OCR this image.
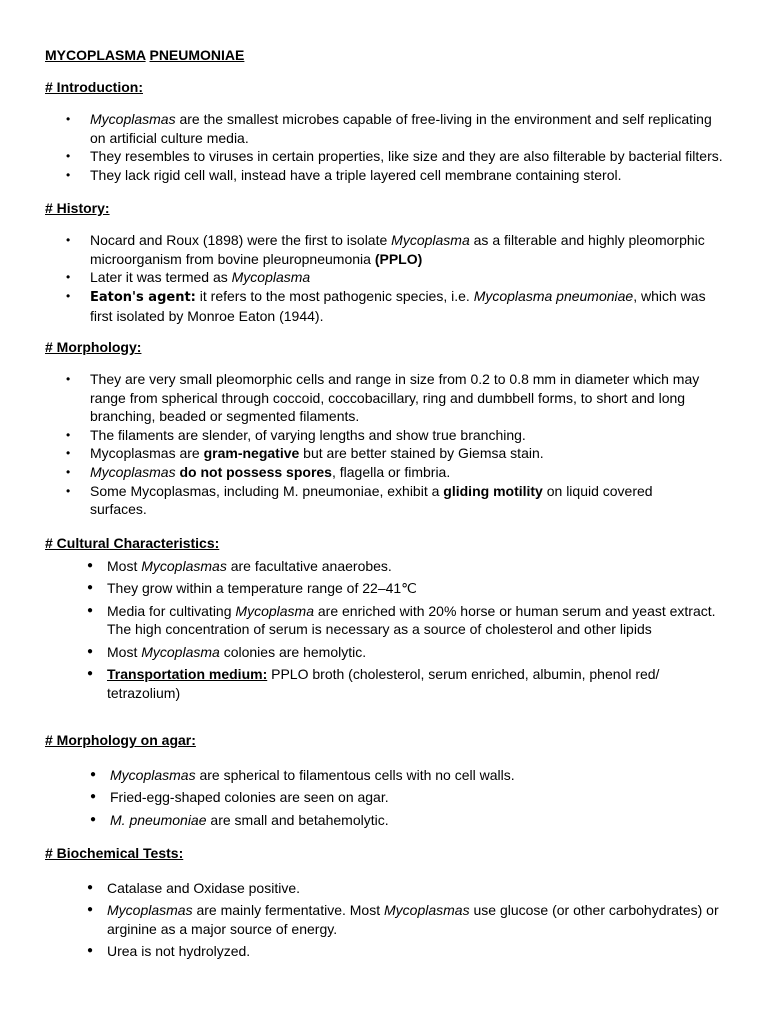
MYCOPLASMA PNEUMONIAE
# Introduction:
• Mycoplasmas are the smallest microbes capable of free-living in the environment and self replicating on artificial culture media.
• They resembles to viruses in certain properties, like size and they are also filterable by bacterial filters.
• They lack rigid cell wall, instead have a triple layered cell membrane containing sterol.
# History:
• Nocard and Roux (1898) were the first to isolate Mycoplasma as a filterable and highly pleomorphic microorganism from bovine pleuropneumonia (PPLO)
• Later it was termed as Mycoplasma
• Eaton's agent: it refers to the most pathogenic species, i.e. Mycoplasma pneumoniae, which was first isolated by Monroe Eaton (1944).
# Morphology:
• They are very small pleomorphic cells and range in size from 0.2 to 0.8 mm in diameter which may range from spherical through coccoid, coccobacillary, ring and dumbbell forms, to short and long branching, beaded or segmented filaments.
• The filaments are slender, of varying lengths and show true branching.
• Mycoplasmas are gram-negative but are better stained by Giemsa stain.
• Mycoplasmas do not possess spores, flagella or fimbria.
• Some Mycoplasmas, including M. pneumoniae, exhibit a gliding motility on liquid covered surfaces.
# Cultural Characteristics:
● Most Mycoplasmas are facultative anaerobes.
● They grow within a temperature range of 22–41℃
● Media for cultivating Mycoplasma are enriched with 20% horse or human serum and yeast extract. The high concentration of serum is necessary as a source of cholesterol and other lipids
● Most Mycoplasma colonies are hemolytic.
● Transportation medium: PPLO broth (cholesterol, serum enriched, albumin, phenol red/ tetrazolium)
# Morphology on agar:
● Mycoplasmas are spherical to filamentous cells with no cell walls.
● Fried-egg-shaped colonies are seen on agar.
● M. pneumoniae are small and betahemolytic.
# Biochemical Tests:
● Catalase and Oxidase positive.
● Mycoplasmas are mainly fermentative. Most Mycoplasmas use glucose (or other carbohydrates) or arginine as a major source of energy.
● Urea is not hydrolyzed.
